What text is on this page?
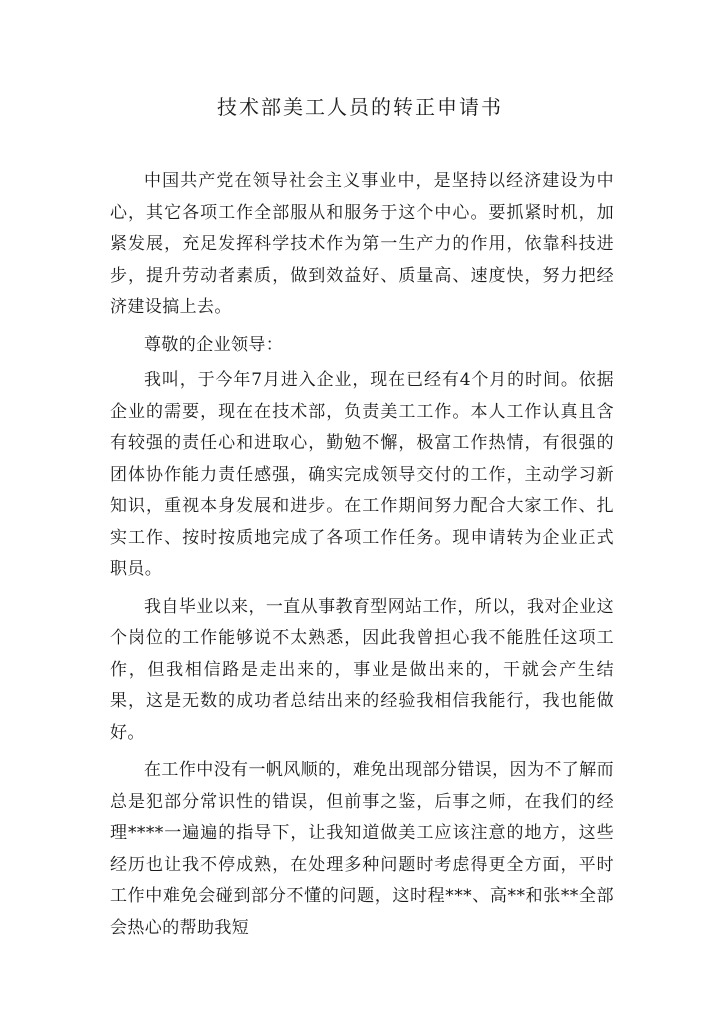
技术部美工人员的转正申请书

中国共产党在领导社会主义事业中，是坚持以经济建设为中心，其它各项工作全部服从和服务于这个中心。要抓紧时机，加紧发展，充足发挥科学技术作为第一生产力的作用，依靠科技进步，提升劳动者素质，做到效益好、质量高、速度快，努力把经济建设搞上去。

尊敬的企业领导：

我叫，于今年7月进入企业，现在已经有4个月的时间。依据企业的需要，现在在技术部，负责美工工作。本人工作认真且含有较强的责任心和进取心，勤勉不懈，极富工作热情，有很强的团体协作能力责任感强，确实完成领导交付的工作，主动学习新知识，重视本身发展和进步。在工作期间努力配合大家工作、扎实工作、按时按质地完成了各项工作任务。现申请转为企业正式职员。

我自毕业以来，一直从事教育型网站工作，所以，我对企业这个岗位的工作能够说不太熟悉，因此我曾担心我不能胜任这项工作，但我相信路是走出来的，事业是做出来的，干就会产生结果，这是无数的成功者总结出来的经验我相信我能行，我也能做好。

在工作中没有一帆风顺的，难免出现部分错误，因为不了解而总是犯部分常识性的错误，但前事之鉴，后事之师，在我们的经理****一遍遍的指导下，让我知道做美工应该注意的地方，这些经历也让我不停成熟，在处理多种问题时考虑得更全方面，平时工作中难免会碰到部分不懂的问题，这时程***、高**和张**全部会热心的帮助我短
